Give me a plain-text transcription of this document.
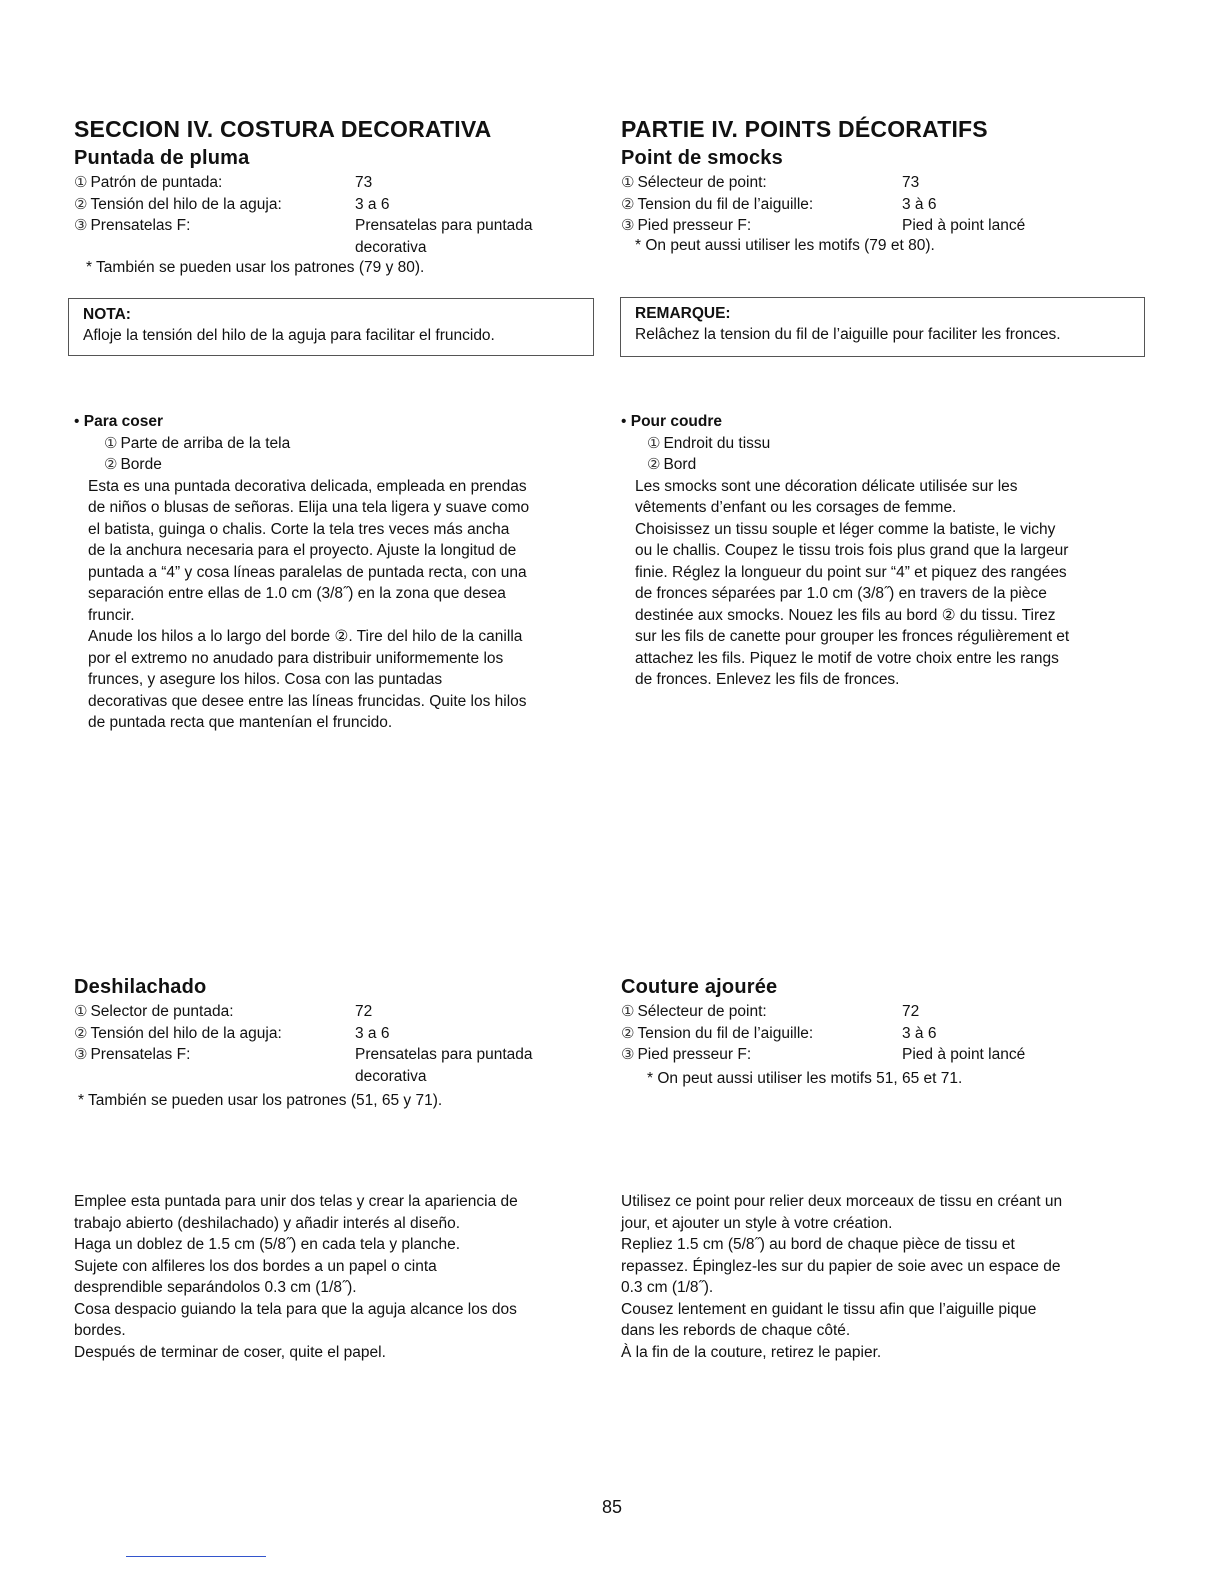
SECCION IV. COSTURA DECORATIVA
Puntada de pluma
① Patrón de puntada:	73
② Tensión del hilo de la aguja:	3 a 6
③ Prensatelas F:	Prensatelas para puntada decorativa
* También se pueden usar los patrones (79 y 80).
NOTA:
Afloje la tensión del hilo de la aguja para facilitar el fruncido.
• Para coser
① Parte de arriba de la tela
② Borde

Esta es una puntada decorativa delicada, empleada en prendas
de niños o blusas de señoras. Elija una tela ligera y suave como
el batista, guinga o chalis. Corte la tela tres veces más ancha
de la anchura necesaria para el proyecto. Ajuste la longitud de
puntada a “4” y cosa líneas paralelas de puntada recta, con una
separación entre ellas de 1.0 cm (3/8˝) en la zona que desea
fruncir.

Anude los hilos a lo largo del borde ②. Tire del hilo de la canilla
por el extremo no anudado para distribuir uniformemente los
frunces, y asegure los hilos. Cosa con las puntadas
decorativas que desee entre las líneas fruncidas. Quite los hilos
de puntada recta que mantenían el fruncido.

Deshilachado
① Selector de puntada:	72
② Tensión del hilo de la aguja:	3 a 6
③ Prensatelas F:	Prensatelas para puntada decorativa
* También se pueden usar los patrones (51, 65 y 71).
Emplee esta puntada para unir dos telas y crear la apariencia de
trabajo abierto (deshilachado) y añadir interés al diseño.
Haga un doblez de 1.5 cm (5/8˝) en cada tela y planche.
Sujete con alfileres los dos bordes a un papel o cinta
desprendible separándolos 0.3 cm (1/8˝).
Cosa despacio guiando la tela para que la aguja alcance los dos
bordes.
Después de terminar de coser, quite el papel.
PARTIE IV. POINTS DÉCORATIFS
Point de smocks
① Sélecteur de point:	73
② Tension du fil de l’aiguille:	3 à 6
③ Pied presseur F:	Pied à point lancé
* On peut aussi utiliser les motifs (79 et 80).
REMARQUE:
Relâchez la tension du fil de l’aiguille pour faciliter les fronces.
• Pour coudre
① Endroit du tissu
② Bord

Les smocks sont une décoration délicate utilisée sur les
vêtements d’enfant ou les corsages de femme.
Choisissez un tissu souple et léger comme la batiste, le vichy
ou le challis. Coupez le tissu trois fois plus grand que la largeur
finie. Réglez la longueur du point sur “4” et piquez des rangées
de fronces séparées par 1.0 cm (3/8˝) en travers de la pièce
destinée aux smocks. Nouez les fils au bord ② du tissu. Tirez
sur les fils de canette pour grouper les fronces régulièrement et
attachez les fils. Piquez le motif de votre choix entre les rangs
de fronces. Enlevez les fils de fronces.

Couture ajourée
① Sélecteur de point:	72
② Tension du fil de l’aiguille:	3 à 6
③ Pied presseur F:	Pied à point lancé
* On peut aussi utiliser les motifs 51, 65 et 71.
Utilisez ce point pour relier deux morceaux de tissu en créant un
jour, et ajouter un style à votre création.
Repliez 1.5 cm (5/8˝) au bord de chaque pièce de tissu et
repassez. Épinglez-les sur du papier de soie avec un espace de
0.3 cm (1/8˝).
Cousez lentement en guidant le tissu afin que l’aiguille pique
dans les rebords de chaque côté.
À la fin de la couture, retirez le papier.
85
